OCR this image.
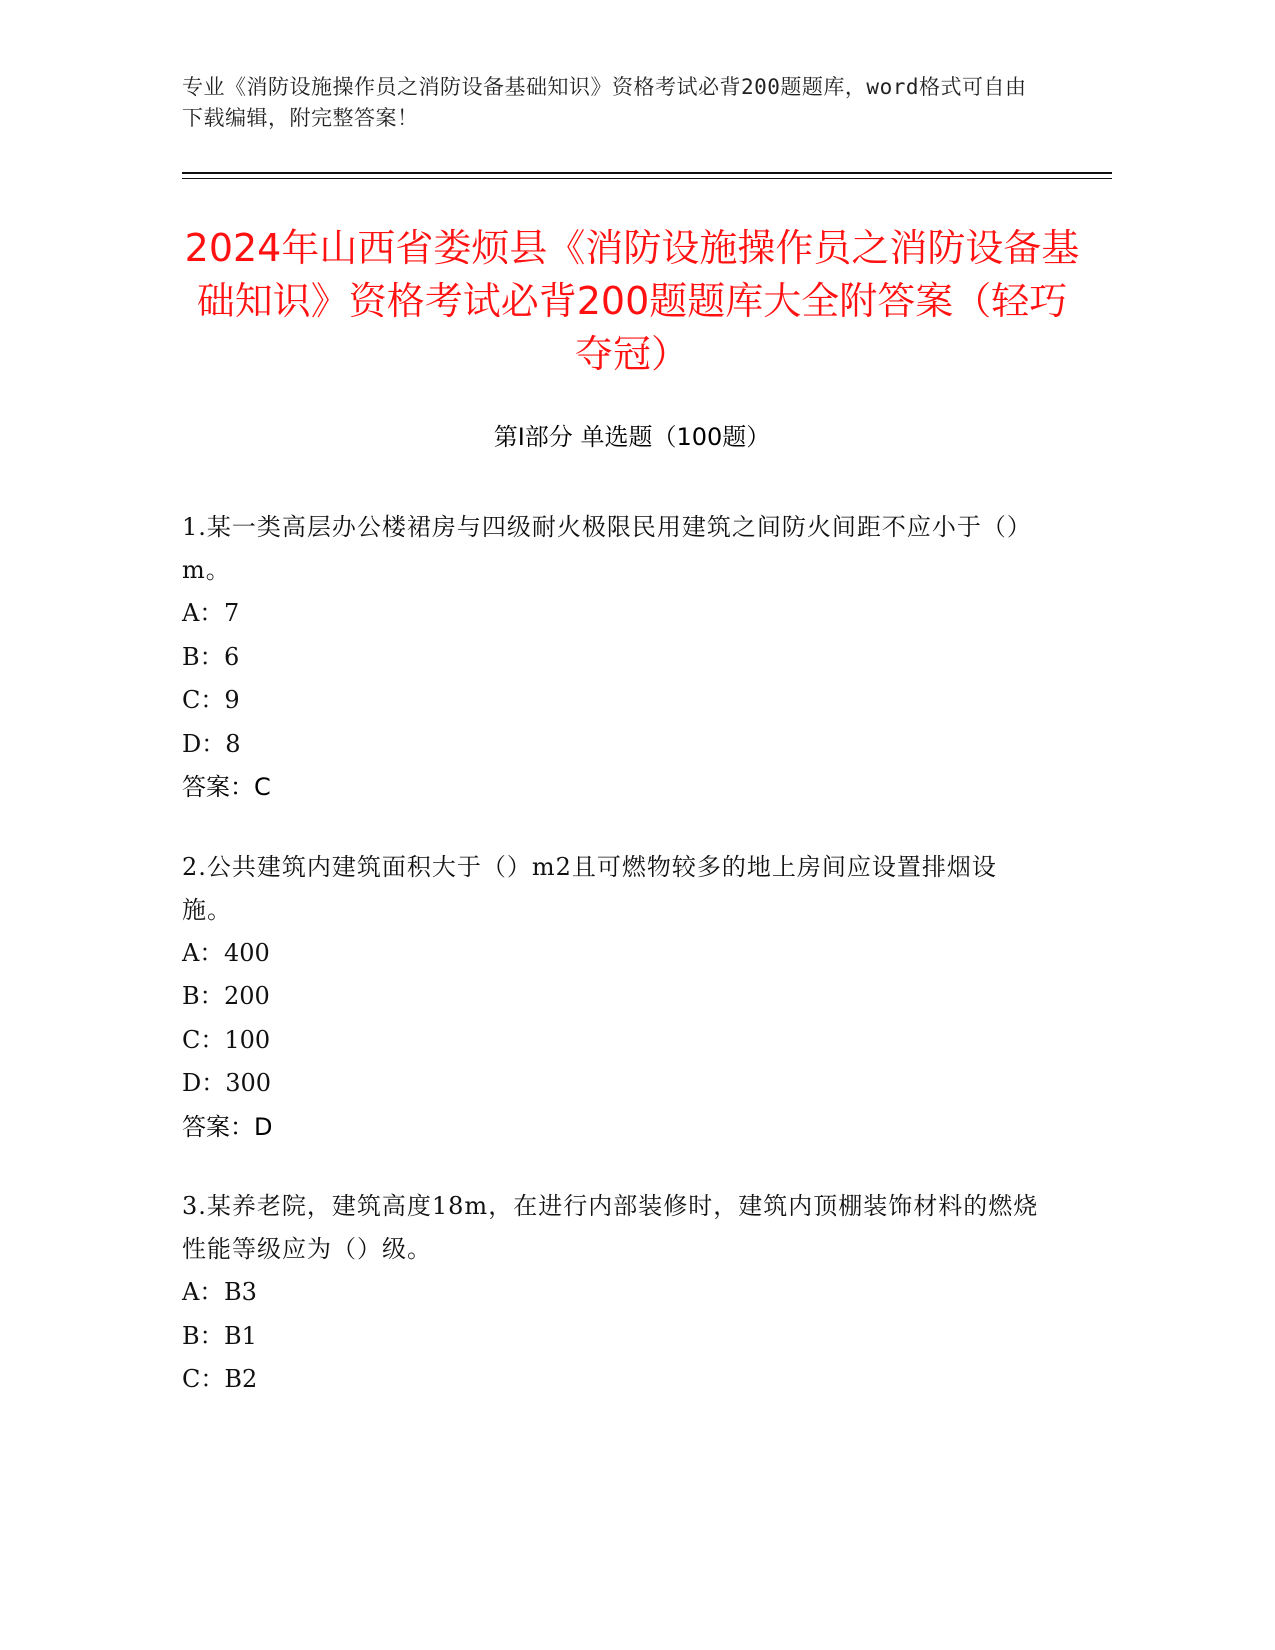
专业《消防设施操作员之消防设备基础知识》资格考试必背200题题库，word格式可自由下载编辑，附完整答案！
2024年山西省娄烦县《消防设施操作员之消防设备基础知识》资格考试必背200题题库大全附答案（轻巧夺冠）
第Ⅰ部分 单选题（100题）

1.某一类高层办公楼裙房与四级耐火极限民用建筑之间防火间距不应小于（）m。

A：7

B：6

C：9

D：8

答案：C

2.公共建筑内建筑面积大于（）m2且可燃物较多的地上房间应设置排烟设施。

A：400

B：200

C：100

D：300

答案：D

3.某养老院，建筑高度18m，在进行内部装修时，建筑内顶棚装饰材料的燃烧性能等级应为（）级。

A：B3

B：B1

C：B2
